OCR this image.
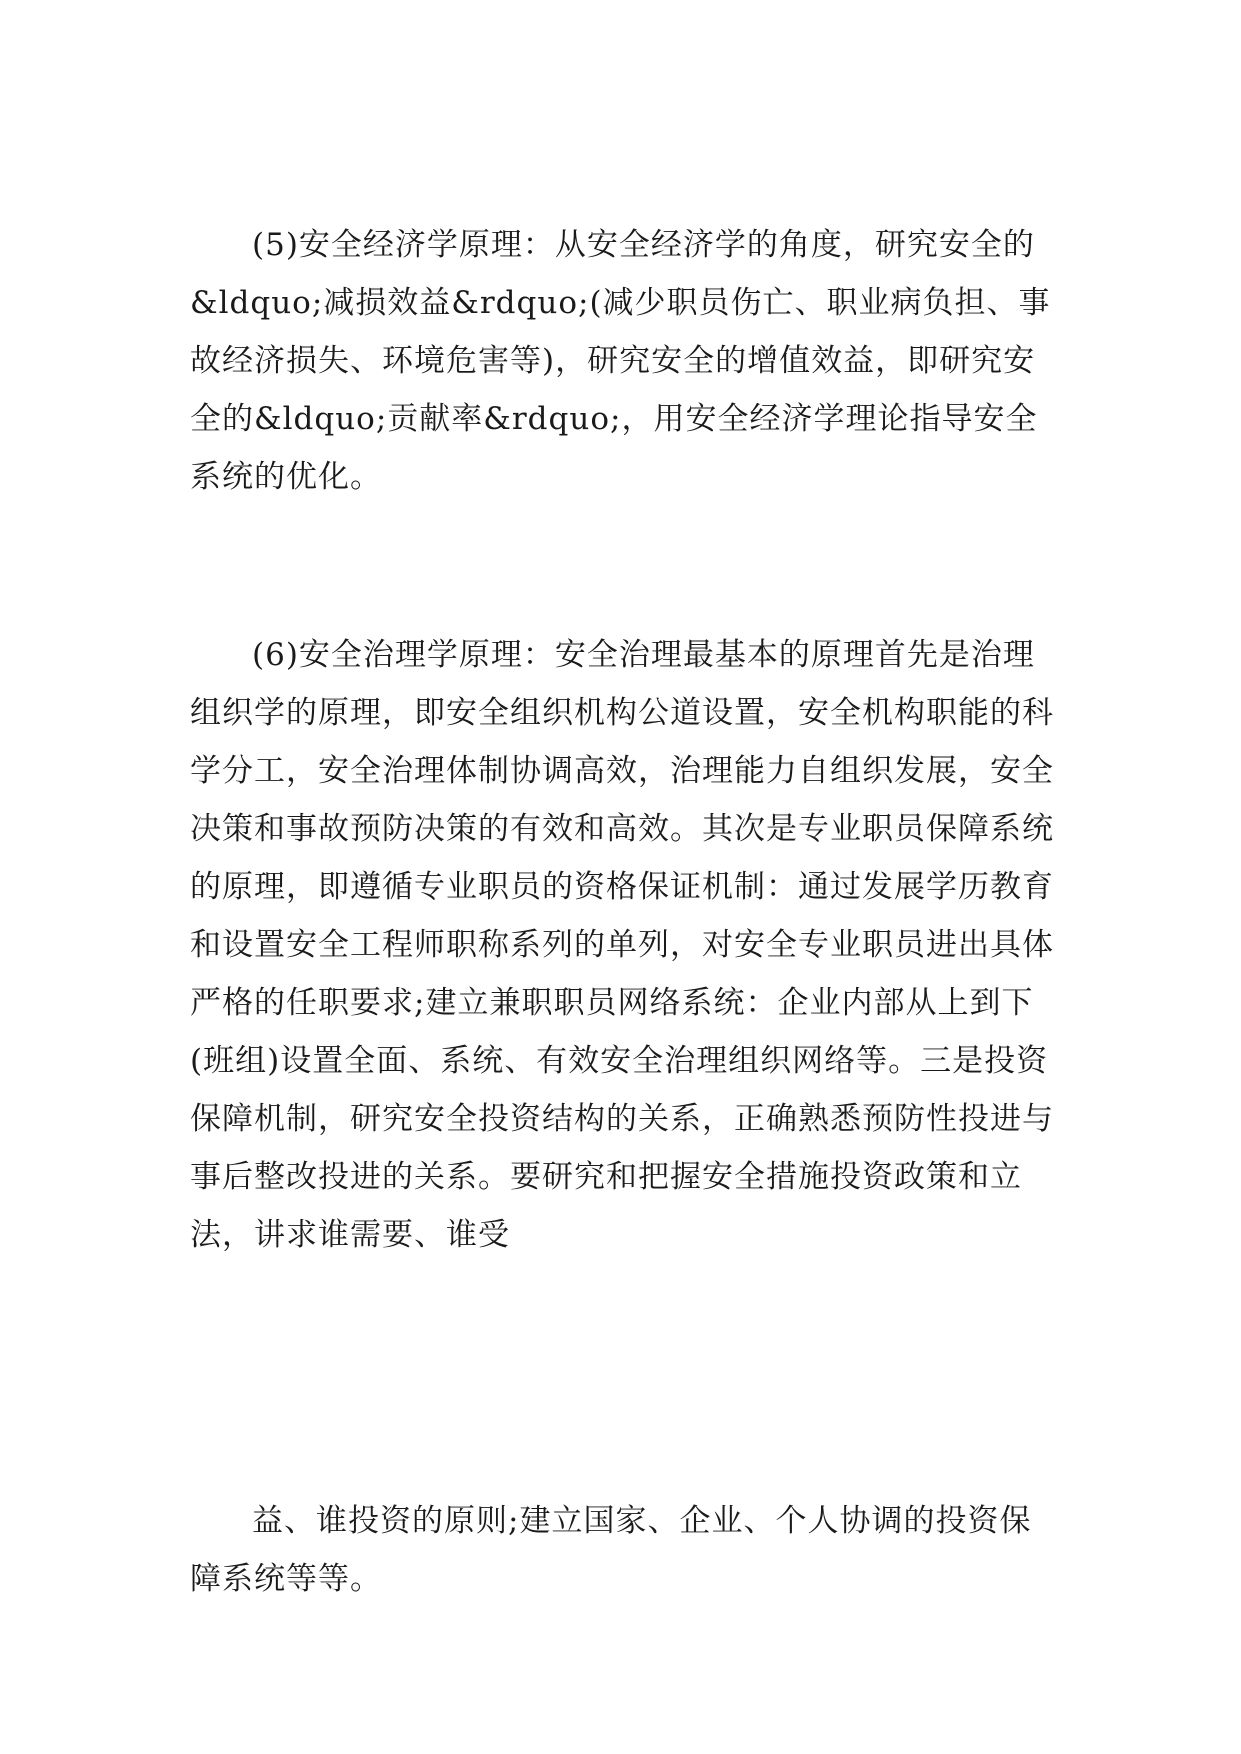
(5)安全经济学原理：从安全经济学的角度，研究安全的 &ldquo;减损效益&rdquo;(减少职员伤亡、职业病负担、事故经济损失、环境危害等)，研究安全的增值效益，即研究安全的&ldquo;贡献率&rdquo;，用安全经济学理论指导安全系统的优化。

(6)安全治理学原理：安全治理最基本的原理首先是治理组织学的原理，即安全组织机构公道设置，安全机构职能的科学分工，安全治理体制协调高效，治理能力自组织发展，安全决策和事故预防决策的有效和高效。其次是专业职员保障系统的原理，即遵循专业职员的资格保证机制：通过发展学历教育和设置安全工程师职称系列的单列，对安全专业职员进出具体严格的任职要求;建立兼职职员网络系统：企业内部从上到下(班组)设置全面、系统、有效安全治理组织网络等。三是投资保障机制，研究安全投资结构的关系，正确熟悉预防性投进与事后整改投进的关系。要研究和把握安全措施投资政策和立法，讲求谁需要、谁受

益、谁投资的原则;建立国家、企业、个人协调的投资保障系统等等。
